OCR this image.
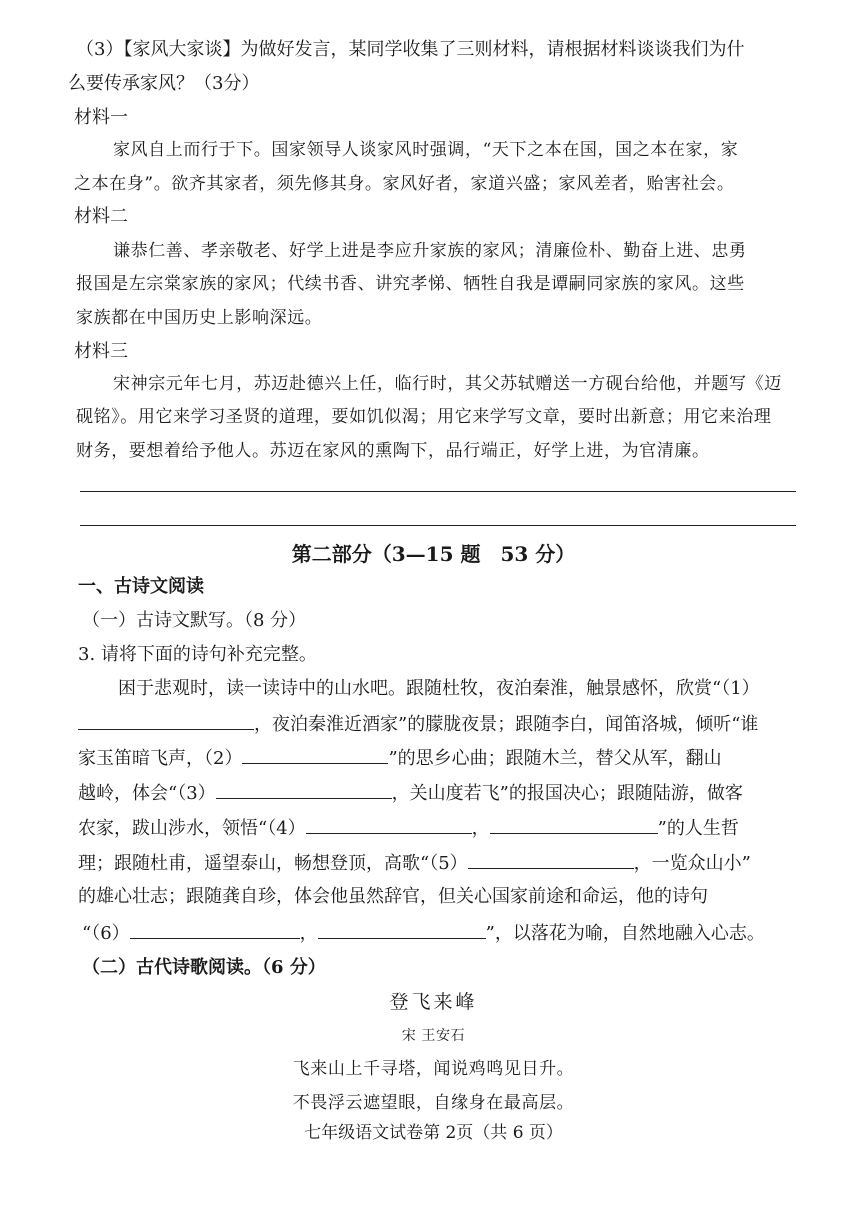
（3）【家风大家谈】为做好发言，某同学收集了三则材料，请根据材料谈谈我们为什
么要传承家风？（3分）
材料一
家风自上而行于下。国家领导人谈家风时强调，“天下之本在国，国之本在家，家
之本在身”。欲齐其家者，须先修其身。家风好者，家道兴盛；家风差者，贻害社会。
材料二
谦恭仁善、孝亲敬老、好学上进是李应升家族的家风；清廉俭朴、勤奋上进、忠勇
报国是左宗棠家族的家风；代续书香、讲究孝悌、牺牲自我是谭嗣同家族的家风。这些
家族都在中国历史上影响深远。
材料三
宋神宗元年七月，苏迈赴德兴上任，临行时，其父苏轼赠送一方砚台给他，并题写《迈
砚铭》。用它来学习圣贤的道理，要如饥似渴；用它来学写文章，要时出新意；用它来治理
财务，要想着给予他人。苏迈在家风的熏陶下，品行端正，好学上进，为官清廉。
第二部分（3—15 题　53 分）
一、古诗文阅读
（一）古诗文默写。（8 分）
3. 请将下面的诗句补充完整。
困于悲观时，读一读诗中的山水吧。跟随杜牧，夜泊秦淮，触景感怀，欣赏“（1）
，夜泊秦淮近酒家”的朦胧夜景；跟随李白，闻笛洛城，倾听“谁
家玉笛暗飞声，（2）	”的思乡心曲；跟随木兰，替父从军，翻山
越岭，体会“（3）	，关山度若飞”的报国决心；跟随陆游，做客
农家，跋山涉水，领悟“（4）	，	”的人生哲
理；跟随杜甫，遥望泰山，畅想登顶，高歌“（5）	，一览众山小”
的雄心壮志；跟随龚自珍，体会他虽然辞官，但关心国家前途和命运，他的诗句
“（6）	，	”，以落花为喻，自然地融入心志。
（二）古代诗歌阅读。（6 分）
登飞来峰
宋 王安石
飞来山上千寻塔，闻说鸡鸣见日升。
不畏浮云遮望眼，自缘身在最高层。
七年级语文试卷第 2页（共 6 页）
